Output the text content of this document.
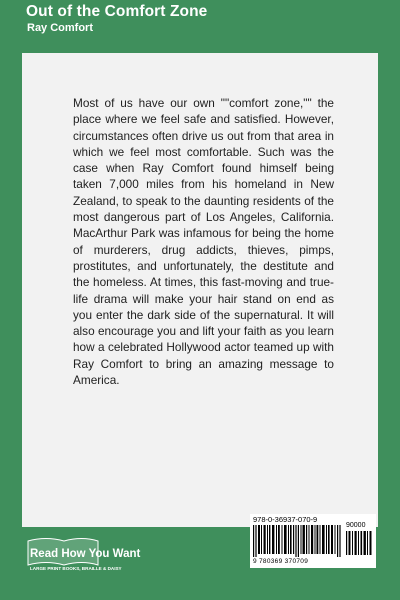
Out of the Comfort Zone
Ray Comfort

Most of us have our own ""comfort zone,"" the place where we feel safe and satisfied. However, circumstances often drive us out from that area in which we feel most comfortable. Such was the case when Ray Comfort found himself being taken 7,000 miles from his homeland in New Zealand, to speak to the daunting residents of the most dangerous part of Los Angeles, California. MacArthur Park was infamous for being the home of murderers, drug addicts, thieves, pimps, prostitutes, and unfortunately, the destitute and the homeless. At times, this fast-moving and true-life drama will make your hair stand on end as you enter the dark side of the supernatural. It will also encourage you and lift your faith as you learn how a celebrated Hollywood actor teamed up with Ray Comfort to bring an amazing message to America.

978-0-36937-070-9
90000
9 780369 370709
Read How You Want
LARGE PRINT BOOKS, BRAILLE & DAISY
